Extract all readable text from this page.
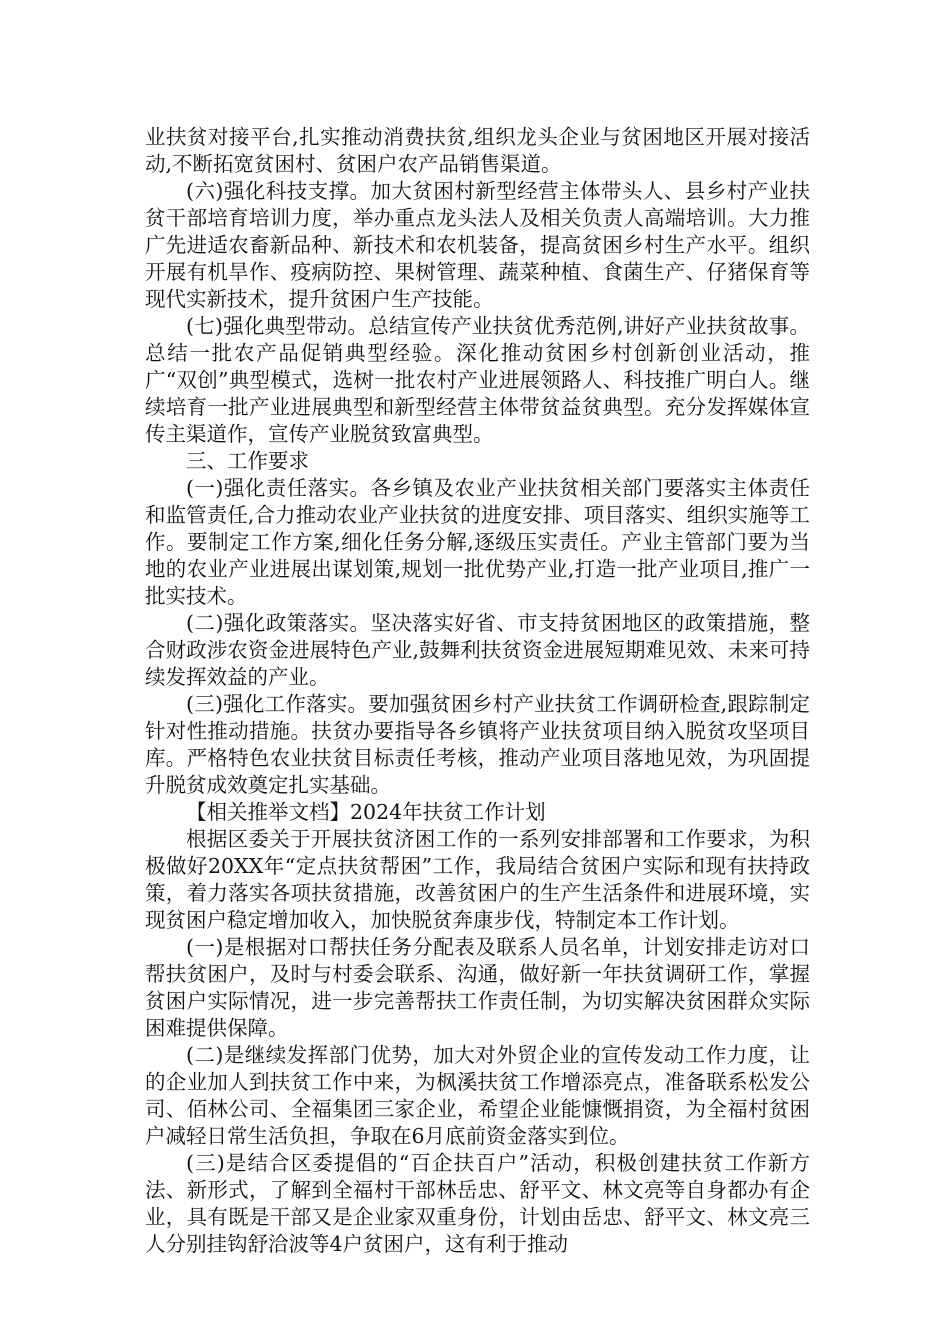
业扶贫对接平台,扎实推动消费扶贫,组织龙头企业与贫困地区开展对接活动,不断拓宽贫困村、贫困户农产品销售渠道。

(六)强化科技支撑。加大贫困村新型经营主体带头人、县乡村产业扶贫干部培育培训力度，举办重点龙头法人及相关负责人高端培训。大力推广先进适农畜新品种、新技术和农机装备，提高贫困乡村生产水平。组织开展有机旱作、疫病防控、果树管理、蔬菜种植、食菌生产、仔猪保育等现代实新技术，提升贫困户生产技能。

(七)强化典型带动。总结宣传产业扶贫优秀范例,讲好产业扶贫故事。总结一批农产品促销典型经验。深化推动贫困乡村创新创业活动，推广“双创”典型模式，选树一批农村产业进展领路人、科技推广明白人。继续培育一批产业进展典型和新型经营主体带贫益贫典型。充分发挥媒体宣传主渠道作，宣传产业脱贫致富典型。

三、工作要求

(一)强化责任落实。各乡镇及农业产业扶贫相关部门要落实主体责任和监管责任,合力推动农业产业扶贫的进度安排、项目落实、组织实施等工作。要制定工作方案,细化任务分解,逐级压实责任。产业主管部门要为当地的农业产业进展出谋划策,规划一批优势产业,打造一批产业项目,推广一批实技术。

(二)强化政策落实。坚决落实好省、市支持贫困地区的政策措施，整合财政涉农资金进展特色产业,鼓舞利扶贫资金进展短期难见效、未来可持续发挥效益的产业。

(三)强化工作落实。要加强贫困乡村产业扶贫工作调研检查,跟踪制定针对性推动措施。扶贫办要指导各乡镇将产业扶贫项目纳入脱贫攻坚项目库。严格特色农业扶贫目标责任考核，推动产业项目落地见效，为巩固提升脱贫成效奠定扎实基础。

【相关推举文档】2024年扶贫工作计划

根据区委关于开展扶贫济困工作的一系列安排部署和工作要求，为积极做好20XX年“定点扶贫帮困”工作，我局结合贫困户实际和现有扶持政策，着力落实各项扶贫措施，改善贫困户的生产生活条件和进展环境，实现贫困户稳定增加收入，加快脱贫奔康步伐，特制定本工作计划。

(一)是根据对口帮扶任务分配表及联系人员名单，计划安排走访对口帮扶贫困户，及时与村委会联系、沟通，做好新一年扶贫调研工作，掌握贫困户实际情况，进一步完善帮扶工作责任制，为切实解决贫困群众实际困难提供保障。

(二)是继续发挥部门优势，加大对外贸企业的宣传发动工作力度，让的企业加人到扶贫工作中来，为枫溪扶贫工作增添亮点，准备联系松发公司、佰林公司、全福集团三家企业，希望企业能慷慨捐资，为全福村贫困户减轻日常生活负担，争取在6月底前资金落实到位。

(三)是结合区委提倡的“百企扶百户”活动，积极创建扶贫工作新方法、新形式，了解到全福村干部林岳忠、舒平文、林文亮等自身都办有企业，具有既是干部又是企业家双重身份，计划由岳忠、舒平文、林文亮三人分别挂钩舒洽波等4户贫困户，这有利于推动
